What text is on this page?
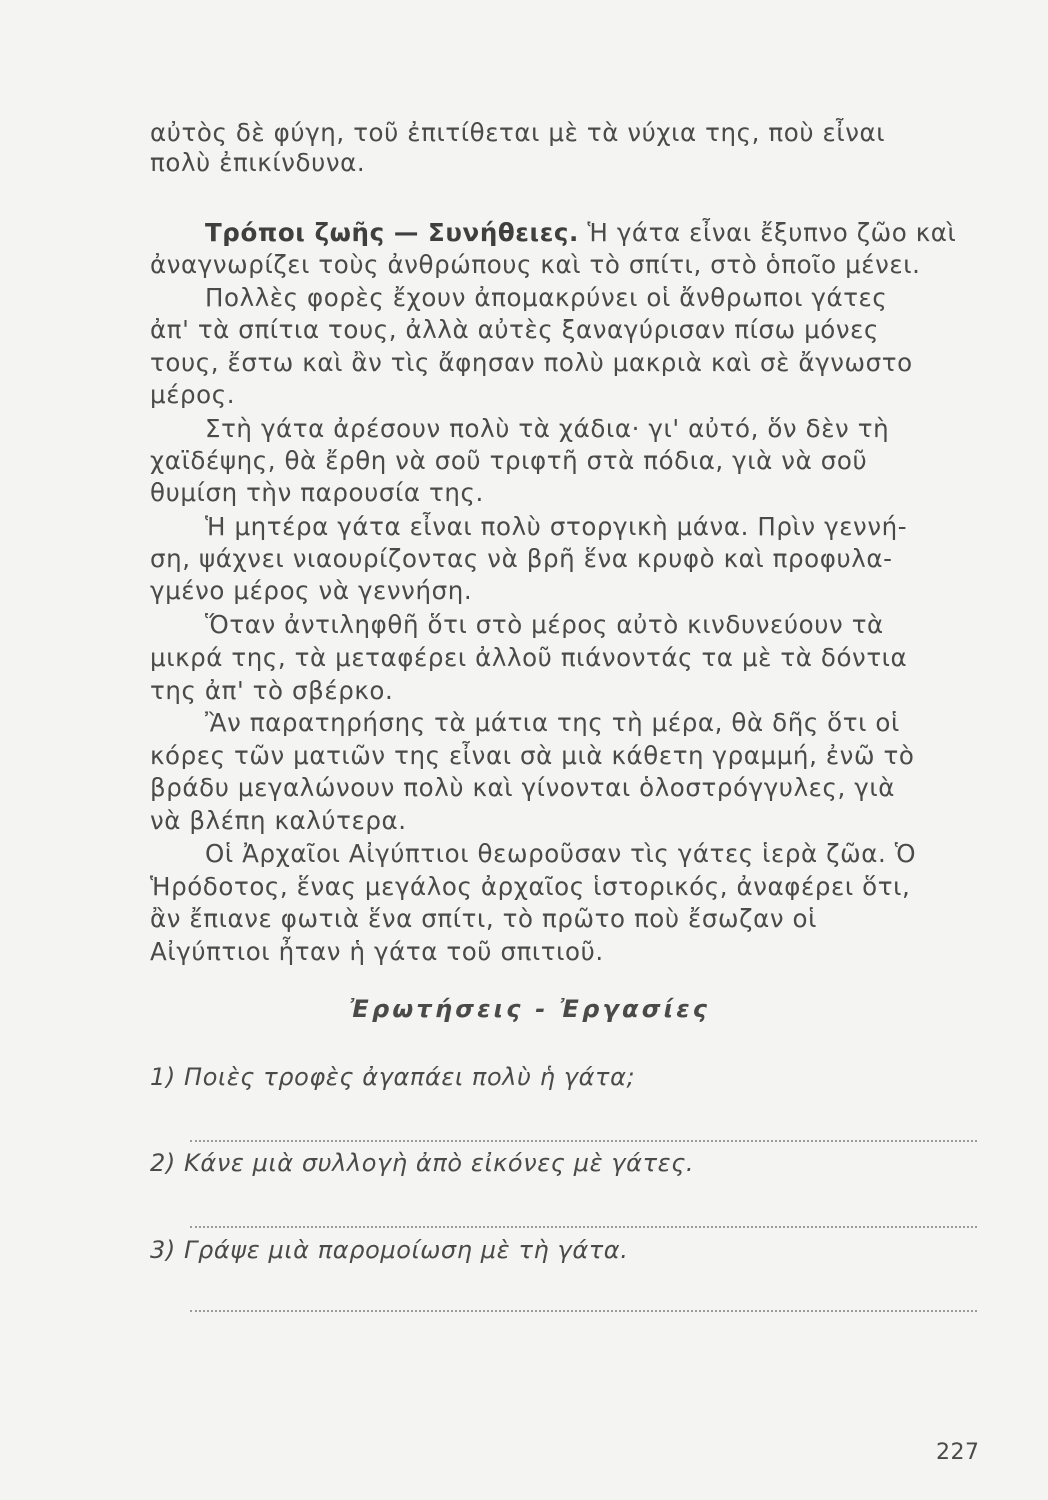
αὐτὸς δὲ φύγη, τοῦ ἐπιτίθεται μὲ τὰ νύχια της, ποὺ εἶναι
πολὺ ἐπικίνδυνα.
Τρόποι ζωῆς — Συνήθειες. Ἡ γάτα εἶναι ἔξυπνο ζῶο καὶ
ἀναγνωρίζει τοὺς ἀνθρώπους καὶ τὸ σπίτι, στὸ ὁποῖο μένει.
Πολλὲς φορὲς ἔχουν ἀπομακρύνει οἱ ἄνθρωποι γάτες
ἀπ' τὰ σπίτια τους, ἀλλὰ αὐτὲς ξαναγύρισαν πίσω μόνες
τους, ἔστω καὶ ἂν τὶς ἄφησαν πολὺ μακριὰ καὶ σὲ ἄγνωστο
μέρος.
Στὴ γάτα ἀρέσουν πολὺ τὰ χάδια· γι' αὐτό, ὅν δὲν τὴ
χαϊδέψης, θὰ ἔρθη νὰ σοῦ τριφτῆ στὰ πόδια, γιὰ νὰ σοῦ
θυμίση τὴν παρουσία της.
Ἡ μητέρα γάτα εἶναι πολὺ στοργικὴ μάνα. Πρὶν γεννή-
ση, ψάχνει νιαουρίζοντας νὰ βρῆ ἕνα κρυφὸ καὶ προφυλα-
γμένο μέρος νὰ γεννήση.
Ὅταν ἀντιληφθῆ ὅτι στὸ μέρος αὐτὸ κινδυνεύουν τὰ
μικρά της, τὰ μεταφέρει ἀλλοῦ πιάνοντάς τα μὲ τὰ δόντια
της ἀπ' τὸ σβέρκο.
Ἂν παρατηρήσης τὰ μάτια της τὴ μέρα, θὰ δῆς ὅτι οἱ
κόρες τῶν ματιῶν της εἶναι σὰ μιὰ κάθετη γραμμή, ἐνῶ τὸ
βράδυ μεγαλώνουν πολὺ καὶ γίνονται ὁλοστρόγγυλες, γιὰ
νὰ βλέπη καλύτερα.
Οἱ Ἀρχαῖοι Αἰγύπτιοι θεωροῦσαν τὶς γάτες ἱερὰ ζῶα. Ὁ
Ἡρόδοτος, ἕνας μεγάλος ἀρχαῖος ἱστορικός, ἀναφέρει ὅτι,
ἂν ἔπιανε φωτιὰ ἕνα σπίτι, τὸ πρῶτο ποὺ ἔσωζαν οἱ
Αἰγύπτιοι ἦταν ἡ γάτα τοῦ σπιτιοῦ.
Ἐρωτήσεις - Ἐργασίες
1) Ποιὲς τροφὲς ἀγαπάει πολὺ ἡ γάτα;
2) Κάνε μιὰ συλλογὴ ἀπὸ εἰκόνες μὲ γάτες.
3) Γράψε μιὰ παρομοίωση μὲ τὴ γάτα.
227
